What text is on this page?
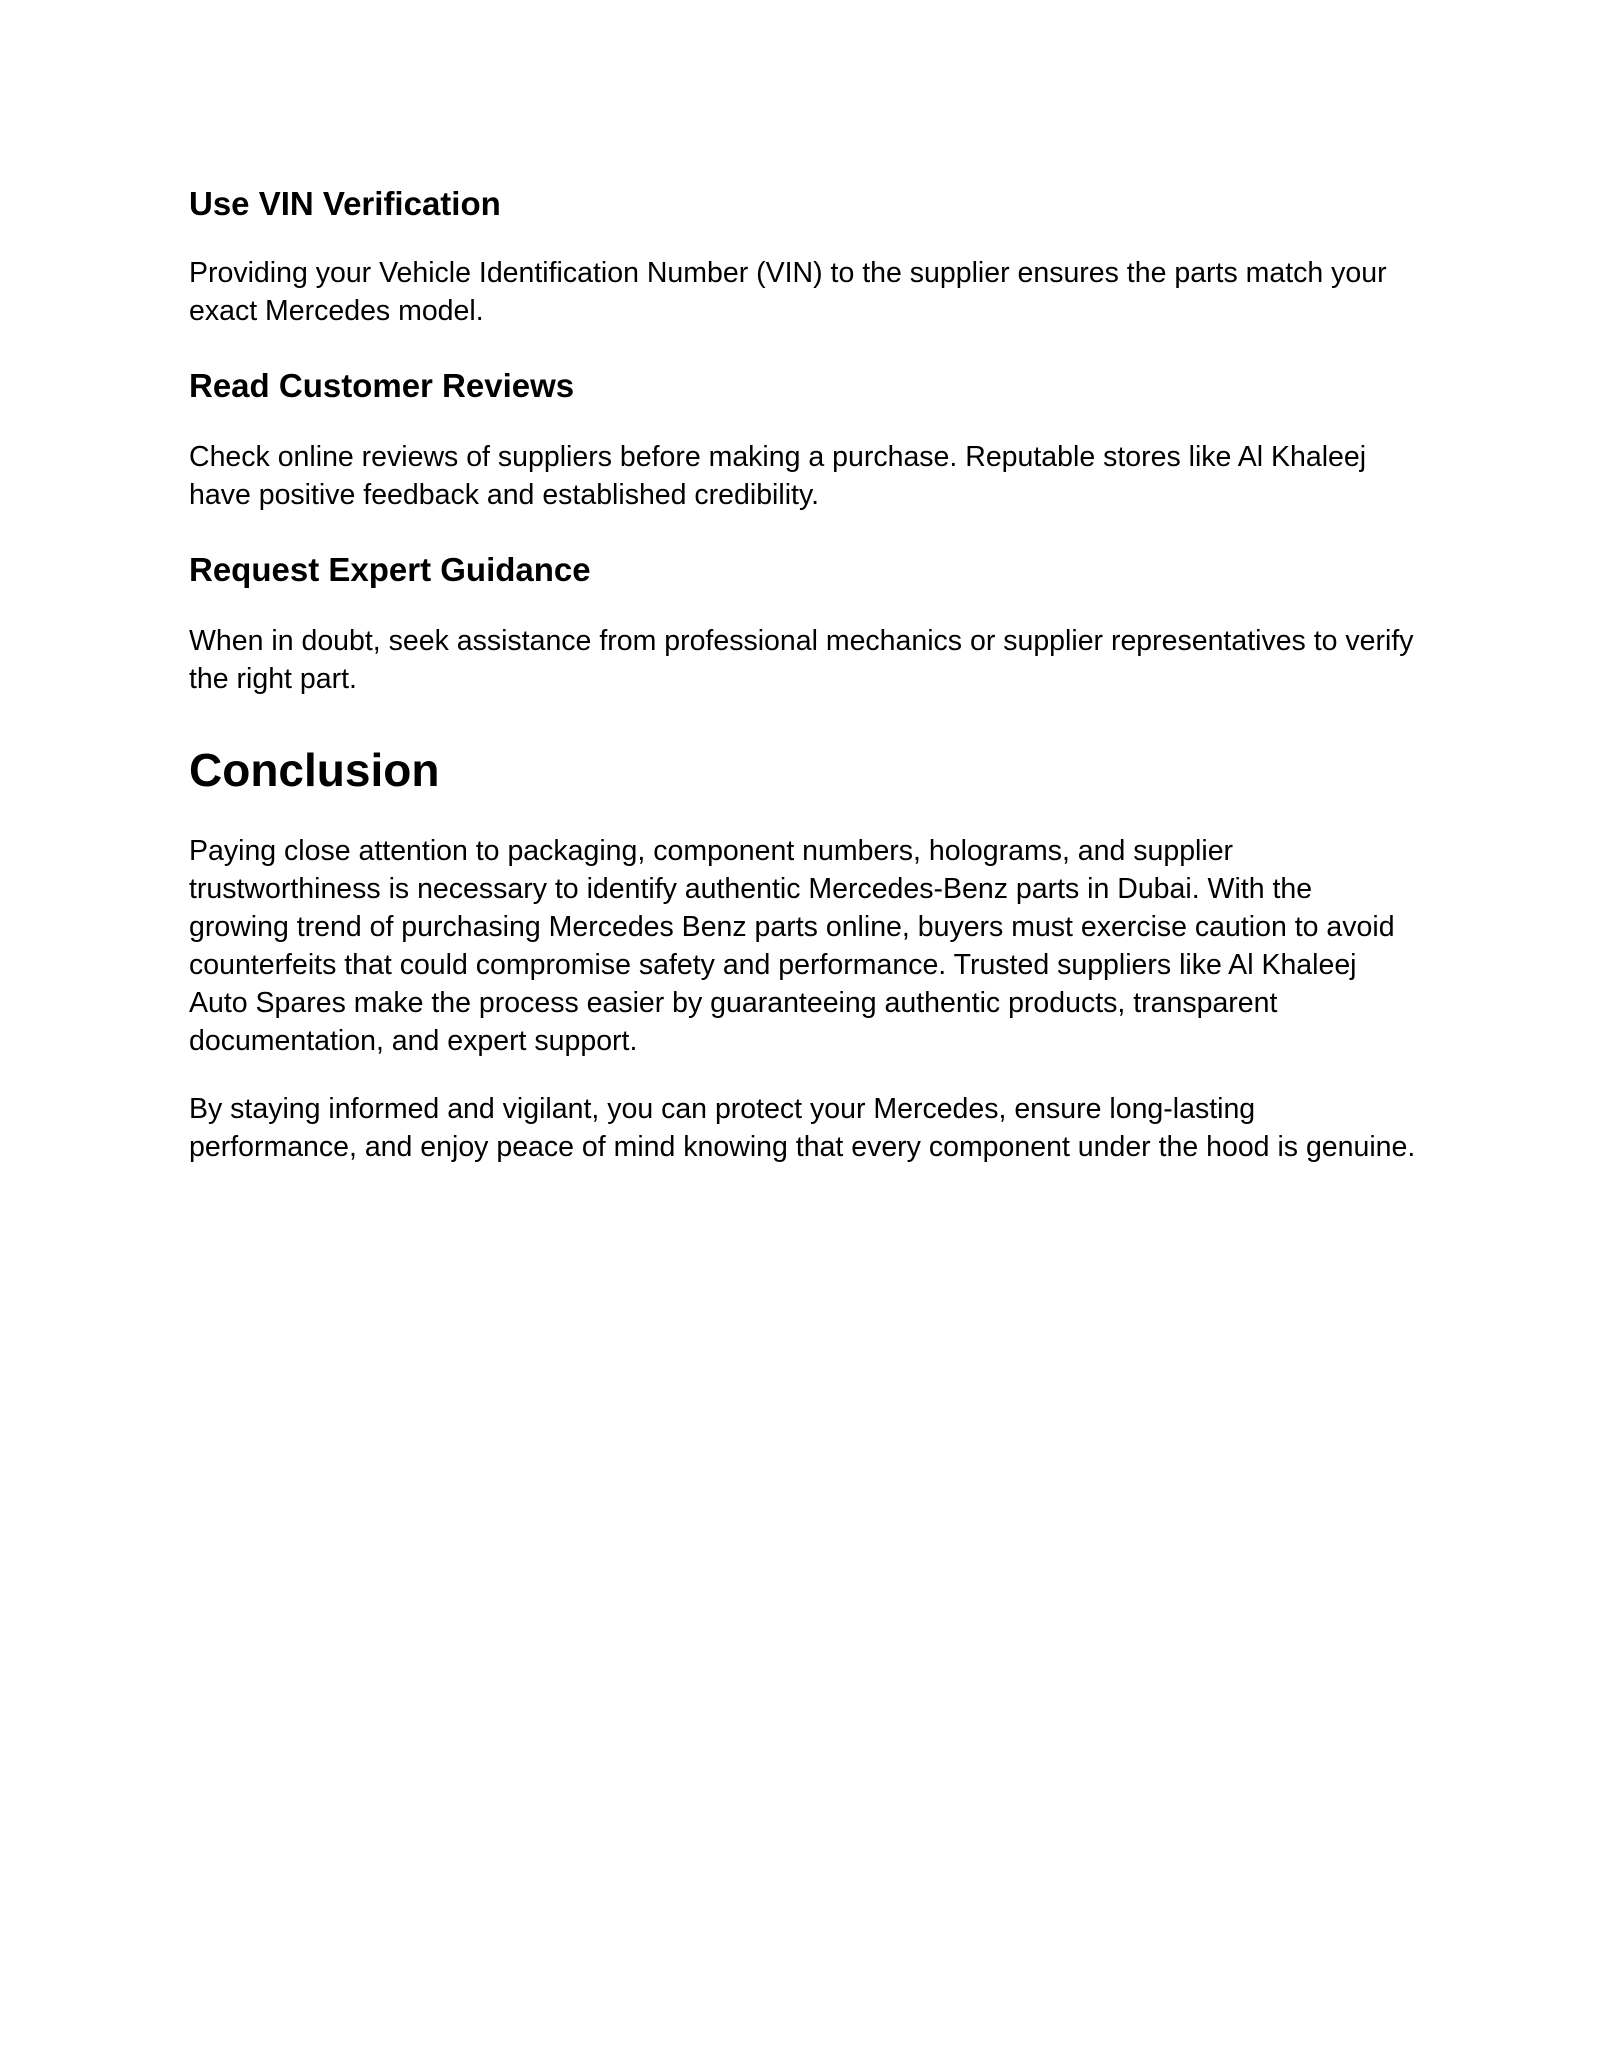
Use VIN Verification

Providing your Vehicle Identification Number (VIN) to the supplier ensures the parts match your exact Mercedes model.

Read Customer Reviews

Check online reviews of suppliers before making a purchase. Reputable stores like Al Khaleej have positive feedback and established credibility.

Request Expert Guidance

When in doubt, seek assistance from professional mechanics or supplier representatives to verify the right part.

Conclusion

Paying close attention to packaging, component numbers, holograms, and supplier trustworthiness is necessary to identify authentic Mercedes-Benz parts in Dubai. With the growing trend of purchasing Mercedes Benz parts online, buyers must exercise caution to avoid counterfeits that could compromise safety and performance. Trusted suppliers like Al Khaleej Auto Spares make the process easier by guaranteeing authentic products, transparent documentation, and expert support.

By staying informed and vigilant, you can protect your Mercedes, ensure long-lasting performance, and enjoy peace of mind knowing that every component under the hood is genuine.
